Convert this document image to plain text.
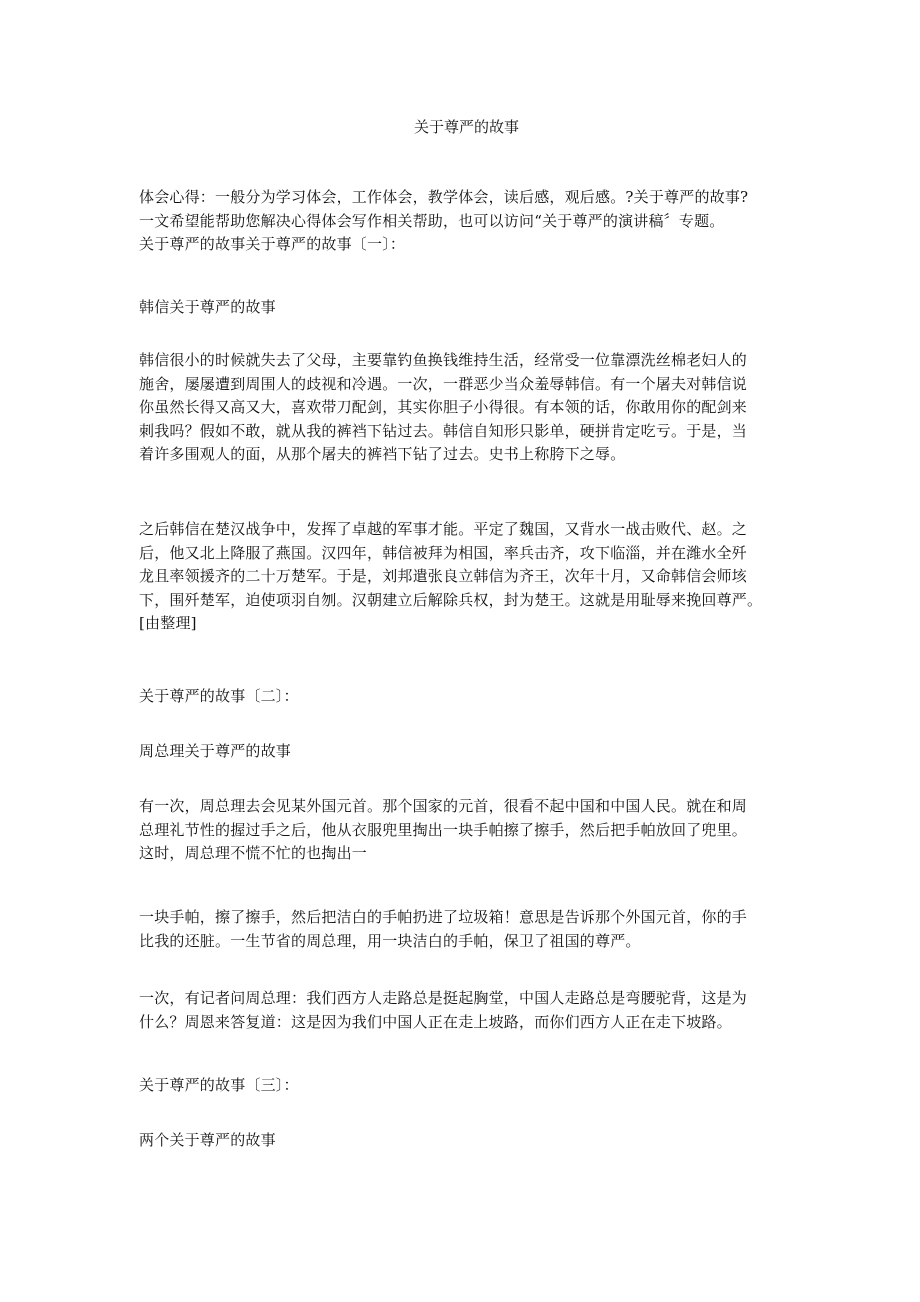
关于尊严的故事
体会心得：一般分为学习体会，工作体会，教学体会，读后感，观后感。?关于尊严的故事?
一文希望能帮助您解决心得体会写作相关帮助，也可以访问“关于尊严的演讲稿〞专题。
关于尊严的故事关于尊严的故事〔一〕：
韩信关于尊严的故事
韩信很小的时候就失去了父母，主要靠钓鱼换钱维持生活，经常受一位靠漂洗丝棉老妇人的
施舍，屡屡遭到周围人的歧视和冷遇。一次，一群恶少当众羞辱韩信。有一个屠夫对韩信说
你虽然长得又高又大，喜欢带刀配剑，其实你胆子小得很。有本领的话，你敢用你的配剑来
刺我吗？假如不敢，就从我的裤裆下钻过去。韩信自知形只影单，硬拼肯定吃亏。于是，当
着许多围观人的面，从那个屠夫的裤裆下钻了过去。史书上称胯下之辱。
之后韩信在楚汉战争中，发挥了卓越的军事才能。平定了魏国，又背水一战击败代、赵。之
后，他又北上降服了燕国。汉四年，韩信被拜为相国，率兵击齐，攻下临淄，并在潍水全歼
龙且率领援齐的二十万楚军。于是，刘邦遣张良立韩信为齐王，次年十月，又命韩信会师垓
下，围歼楚军，迫使项羽自刎。汉朝建立后解除兵权，封为楚王。这就是用耻辱来挽回尊严。
[由整理]
关于尊严的故事〔二〕：
周总理关于尊严的故事
有一次，周总理去会见某外国元首。那个国家的元首，很看不起中国和中国人民。就在和周
总理礼节性的握过手之后，他从衣服兜里掏出一块手帕擦了擦手，然后把手帕放回了兜里。
这时，周总理不慌不忙的也掏出一
一块手帕，擦了擦手，然后把洁白的手帕扔进了垃圾箱！意思是告诉那个外国元首，你的手
比我的还脏。一生节省的周总理，用一块洁白的手帕，保卫了祖国的尊严。
一次，有记者问周总理：我们西方人走路总是挺起胸堂，中国人走路总是弯腰驼背，这是为
什么？周恩来答复道：这是因为我们中国人正在走上坡路，而你们西方人正在走下坡路。
关于尊严的故事〔三〕：
两个关于尊严的故事
